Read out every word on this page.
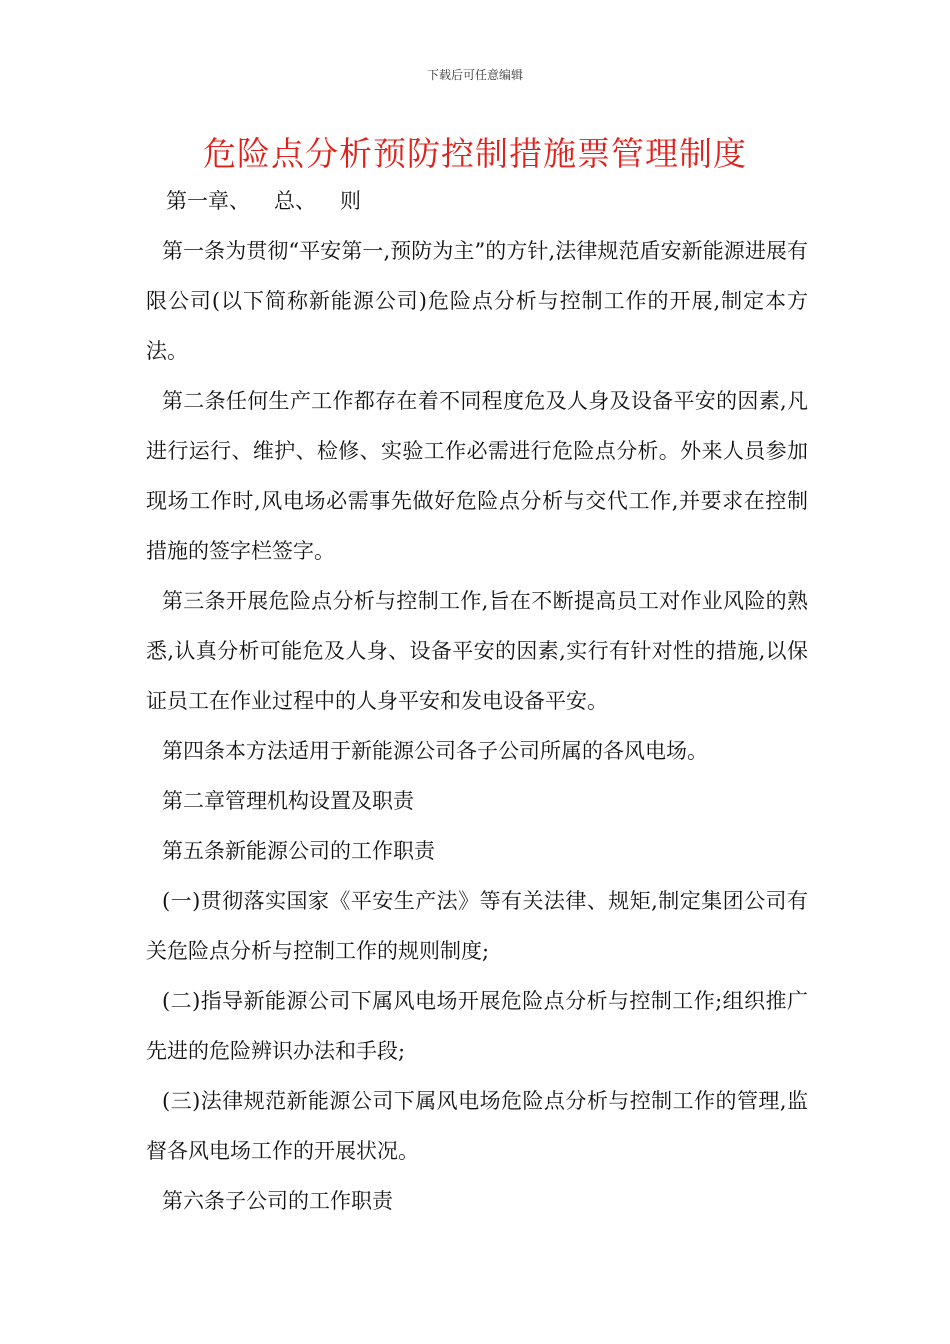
下载后可任意编辑
危险点分析预防控制措施票管理制度

第一章、 总、 则

第一条为贯彻“平安第一,预防为主”的方针,法律规范盾安新能源进展有限公司(以下简称新能源公司)危险点分析与控制工作的开展,制定本方法。

第二条任何生产工作都存在着不同程度危及人身及设备平安的因素,凡进行运行、维护、检修、实验工作必需进行危险点分析。外来人员参加现场工作时,风电场必需事先做好危险点分析与交代工作,并要求在控制措施的签字栏签字。

第三条开展危险点分析与控制工作,旨在不断提高员工对作业风险的熟悉,认真分析可能危及人身、设备平安的因素,实行有针对性的措施,以保证员工在作业过程中的人身平安和发电设备平安。

第四条本方法适用于新能源公司各子公司所属的各风电场。

第二章管理机构设置及职责

第五条新能源公司的工作职责

(一)贯彻落实国家《平安生产法》等有关法律、规矩,制定集团公司有关危险点分析与控制工作的规则制度;

(二)指导新能源公司下属风电场开展危险点分析与控制工作;组织推广先进的危险辨识办法和手段;

(三)法律规范新能源公司下属风电场危险点分析与控制工作的管理,监督各风电场工作的开展状况。

第六条子公司的工作职责
